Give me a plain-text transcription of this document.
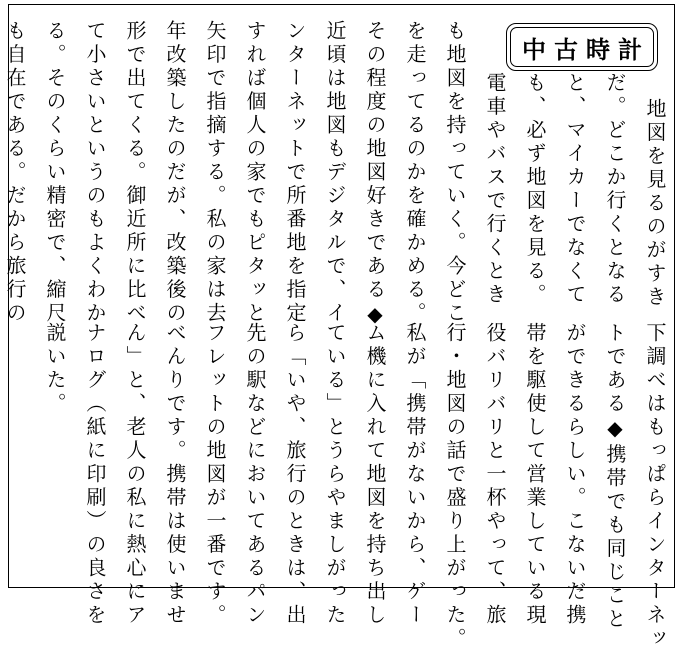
中古時計
地図を見るのがすき
だ。どこか行くとなる
と、マイカーでなくて
も、必ず地図を見る。
電車やバスで行くとき
も地図を持っていく。今どこ
を走ってるのかを確かめる。
その程度の地図好きである◆
近頃は地図もデジタルで、イ
ンターネットで所番地を指定
すれば個人の家でもピタッと
矢印で指摘する。私の家は去
年改築したのだが、改築後の
形で出てくる。御近所に比べ
て小さいというのもよくわか
る。そのくらい精密で、縮尺
も自在である。だから旅行の
下調べはもっぱらインターネッ
トである◆携帯でも同じこと
ができるらしい。こないだ携
帯を駆使して営業している現
役バリバリと一杯やって、旅
行・地図の話で盛り上がった。
私が「携帯がないから、ゲー
ム機に入れて地図を持ち出し
ている」とうらやましがった
ら「いや、旅行のときは、出
先の駅などにおいてあるパン
フレットの地図が一番です。
べんりです。携帯は使いませ
ん」と、老人の私に熱心にア
ナログ（紙に印刷）の良さを
説いた。
